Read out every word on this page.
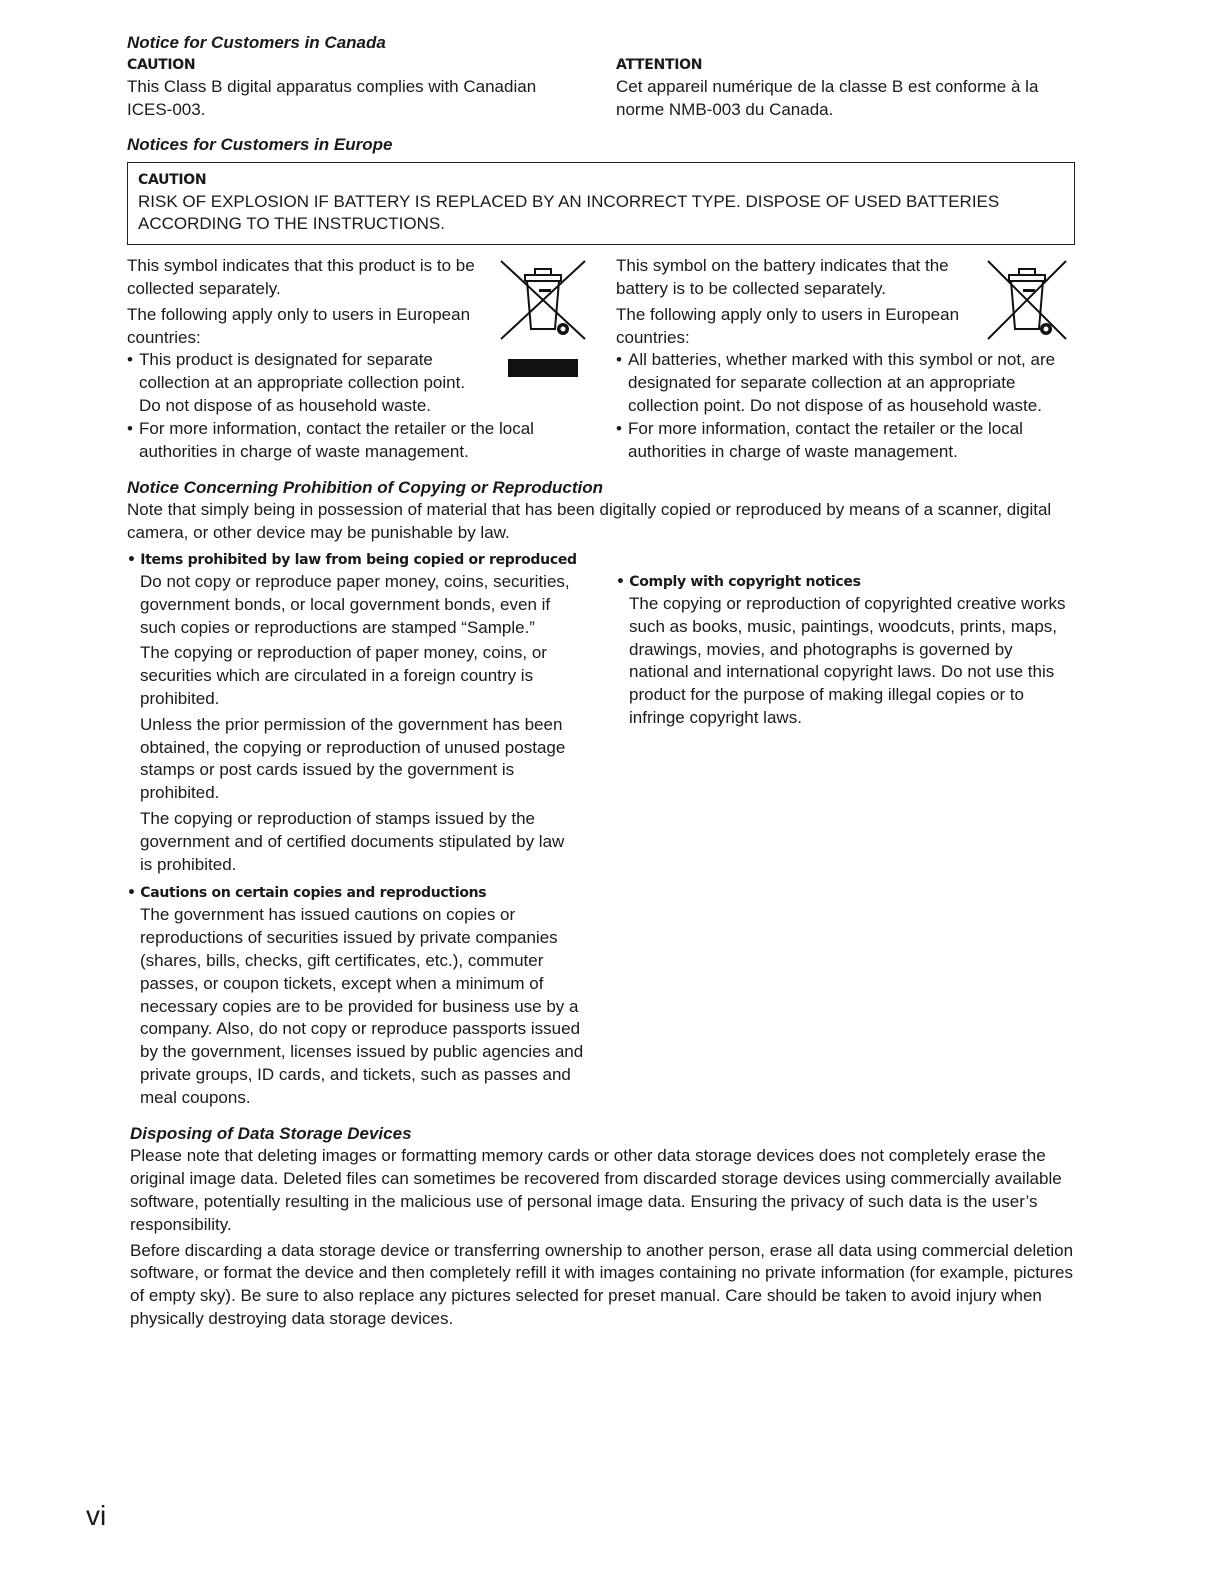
Notice for Customers in Canada
CAUTION

This Class B digital apparatus complies with Canadian ICES-003.

ATTENTION

Cet appareil numérique de la classe B est conforme à la norme NMB-003 du Canada.

Notices for Customers in Europe
CAUTION

RISK OF EXPLOSION IF BATTERY IS REPLACED BY AN INCORRECT TYPE. DISPOSE OF USED BATTERIES ACCORDING TO THE INSTRUCTIONS.

This symbol indicates that this product is to be collected separately.

The following apply only to users in European countries:

• This product is designated for separate collection at an appropriate collection point. Do not dispose of as household waste.
• For more information, contact the retailer or the local authorities in charge of waste management.

This symbol on the battery indicates that the battery is to be collected separately.

The following apply only to users in European countries:

• All batteries, whether marked with this symbol or not, are designated for separate collection at an appropriate collection point. Do not dispose of as household waste.
• For more information, contact the retailer or the local authorities in charge of waste management.
Notice Concerning Prohibition of Copying or Reproduction

Note that simply being in possession of material that has been digitally copied or reproduced by means of a scanner, digital camera, or other device may be punishable by law.

• Items prohibited by law from being copied or reproduced

Do not copy or reproduce paper money, coins, securities, government bonds, or local government bonds, even if such copies or reproductions are stamped “Sample.”

The copying or reproduction of paper money, coins, or securities which are circulated in a foreign country is prohibited.

Unless the prior permission of the government has been obtained, the copying or reproduction of unused postage stamps or post cards issued by the government is prohibited.

The copying or reproduction of stamps issued by the government and of certified documents stipulated by law is prohibited.

• Cautions on certain copies and reproductions

The government has issued cautions on copies or reproductions of securities issued by private companies (shares, bills, checks, gift certificates, etc.), commuter passes, or coupon tickets, except when a minimum of necessary copies are to be provided for business use by a company. Also, do not copy or reproduce passports issued by the government, licenses issued by public agencies and private groups, ID cards, and tickets, such as passes and meal coupons.

• Comply with copyright notices

The copying or reproduction of copyrighted creative works such as books, music, paintings, woodcuts, prints, maps, drawings, movies, and photographs is governed by national and international copyright laws. Do not use this product for the purpose of making illegal copies or to infringe copyright laws.

Disposing of Data Storage Devices

Please note that deleting images or formatting memory cards or other data storage devices does not completely erase the original image data. Deleted files can sometimes be recovered from discarded storage devices using commercially available software, potentially resulting in the malicious use of personal image data. Ensuring the privacy of such data is the user’s responsibility.

Before discarding a data storage device or transferring ownership to another person, erase all data using commercial deletion software, or format the device and then completely refill it with images containing no private information (for example, pictures of empty sky). Be sure to also replace any pictures selected for preset manual. Care should be taken to avoid injury when physically destroying data storage devices.

vi
